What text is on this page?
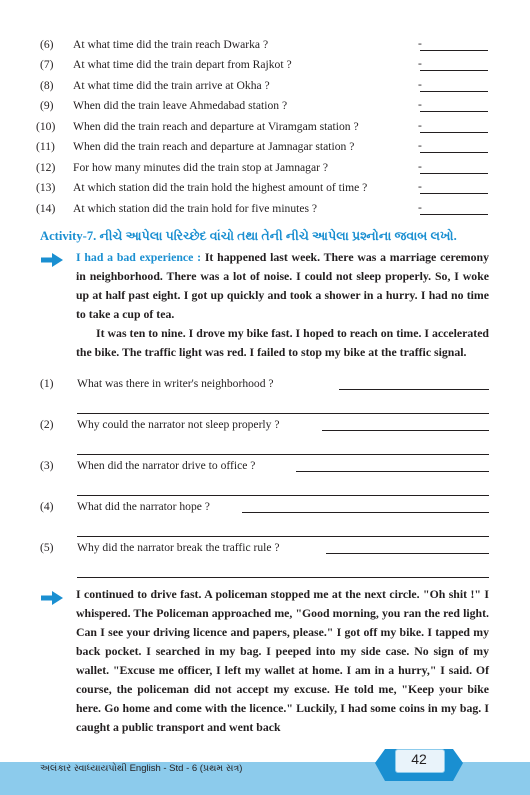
(6) At what time did the train reach Dwarka ?	-
(7) At what time did the train depart from Rajkot ?	-
(8) At what time did the train arrive at Okha ?	-
(9) When did the train leave Ahmedabad station ?	-
(10) When did the train reach and departure at Viramgam station ?	-
(11) When did the train reach and departure at Jamnagar station ?	-
(12) For how many minutes did the train stop at Jamnagar ?	-
(13) At which station did the train hold the highest amount of time ?	-
(14) At which station did the train hold for five minutes ?	-
Activity-7. નીચે આપેલા પરિચ્છેદ વાંચો તથા તેની નીચે આપેલા પ્રશ્નોના જવાબ લખો.

I had a bad experience : It happened last week. There was a marriage ceremony in neighborhood. There was a lot of noise. I could not sleep properly. So, I woke up at half past eight. I got up quickly and took a shower in a hurry. I had no time to take a cup of tea.

It was ten to nine. I drove my bike fast. I hoped to reach on time. I accelerated the bike. The traffic light was red. I failed to stop my bike at the traffic signal.

(1) What was there in writer's neighborhood ?
(2) Why could the narrator not sleep properly ?
(3) When did the narrator drive to office ?
(4) What did the narrator hope ?
(5) Why did the narrator break the traffic rule ?

I continued to drive fast. A policeman stopped me at the next circle. "Oh shit !" I whispered. The Policeman approached me, "Good morning, you ran the red light. Can I see your driving licence and papers, please." I got off my bike. I tapped my back pocket. I searched in my bag. I peeped into my side case. No sign of my wallet. "Excuse me officer, I left my wallet at home. I am in a hurry," I said. Of course, the policeman did not accept my excuse. He told me, "Keep your bike here. Go home and come with the licence." Luckily, I had some coins in my bag. I caught a public transport and went back

42
અલંકાર સ્વાધ્યાયપોથી English - Std - 6 (પ્રથમ સત્ર)
